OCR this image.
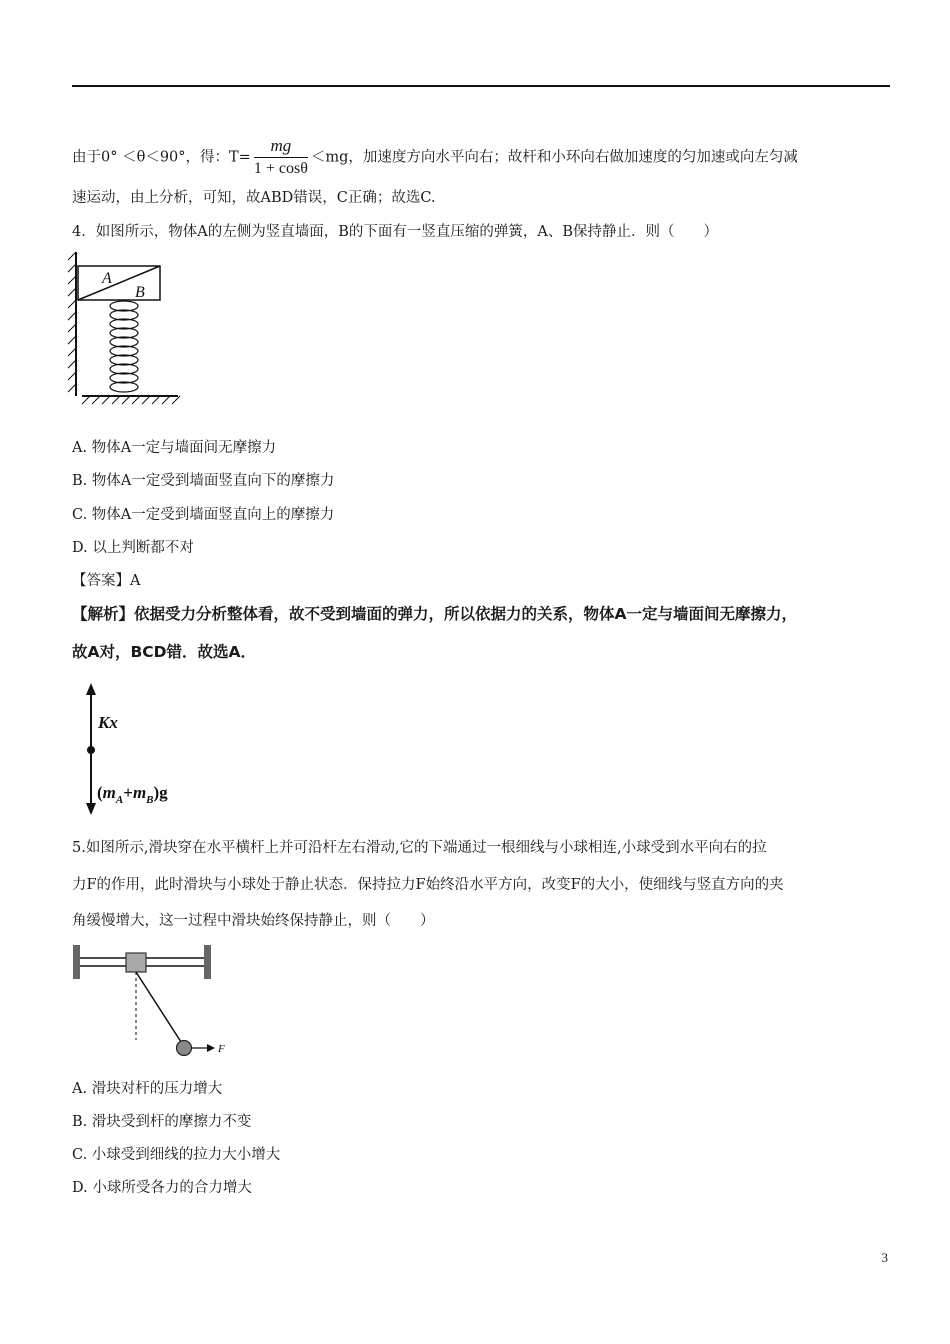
由于0° ＜θ＜90°，得：$T= \frac{mg}{1 + \cos\theta} <mg$，加速度方向水平向右；故杆和小环向右做加速度的匀加速或向左匀减
速运动，由上分析，可知，故ABD错误，C正确；故选C.
4．如图所示，物体A的左侧为竖直墙面，B的下面有一竖直压缩的弹簧，A、B保持静止．则（　　）
A
B
A. 物体A一定与墙面间无摩擦力
B. 物体A一定受到墙面竖直向下的摩擦力
C. 物体A一定受到墙面竖直向上的摩擦力
D. 以上判断都不对
【答案】A
【解析】依据受力分析整体看，故不受到墙面的弹力，所以依据力的关系，物体A一定与墙面间无摩擦力，
故A对，BCD错．故选A．
Kx
$(m_A+m_B)g$
5.如图所示,滑块穿在水平横杆上并可沿杆左右滑动,它的下端通过一根细线与小球相连,小球受到水平向右的拉
力F的作用，此时滑块与小球处于静止状态．保持拉力F始终沿水平方向，改变F的大小，使细线与竖直方向的夹
角缓慢增大，这一过程中滑块始终保持静止，则（　　）
F
A. 滑块对杆的压力增大
B. 滑块受到杆的摩擦力不变
C. 小球受到细线的拉力大小增大
D. 小球所受各力的合力增大
3
